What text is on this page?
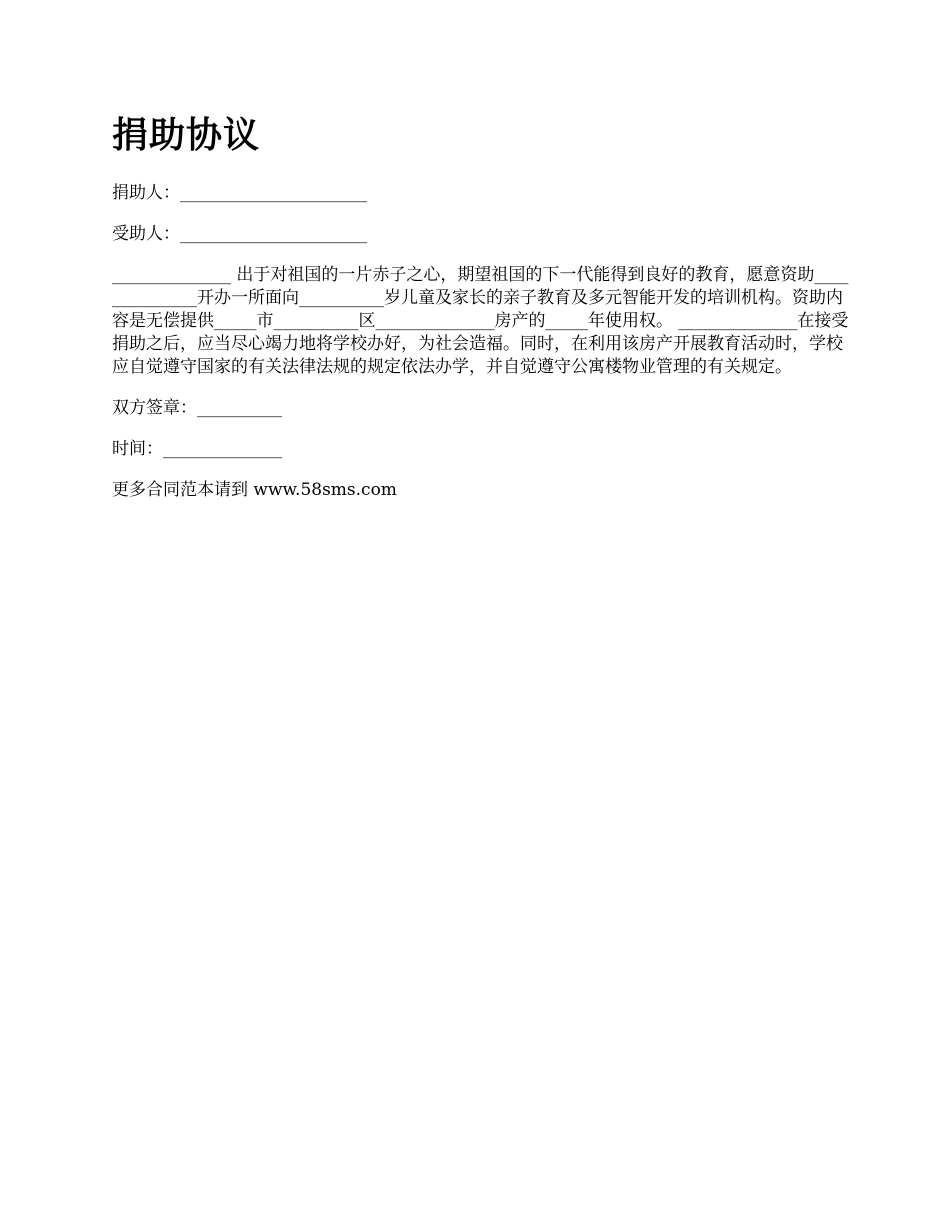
捐助协议

捐助人：______________________

受助人：______________________

______________ 出于对祖国的一片赤子之心，期望祖国的下一代能得到良好的教育，愿意资助______________开办一所面向__________岁儿童及家长的亲子教育及多元智能开发的培训机构。资助内容是无偿提供_____市__________区______________房产的_____年使用权。 ______________在接受捐助之后，应当尽心竭力地将学校办好，为社会造福。同时，在利用该房产开展教育活动时，学校应自觉遵守国家的有关法律法规的规定依法办学，并自觉遵守公寓楼物业管理的有关规定。

双方签章：__________

时间：______________

更多合同范本请到 www.58sms.com
